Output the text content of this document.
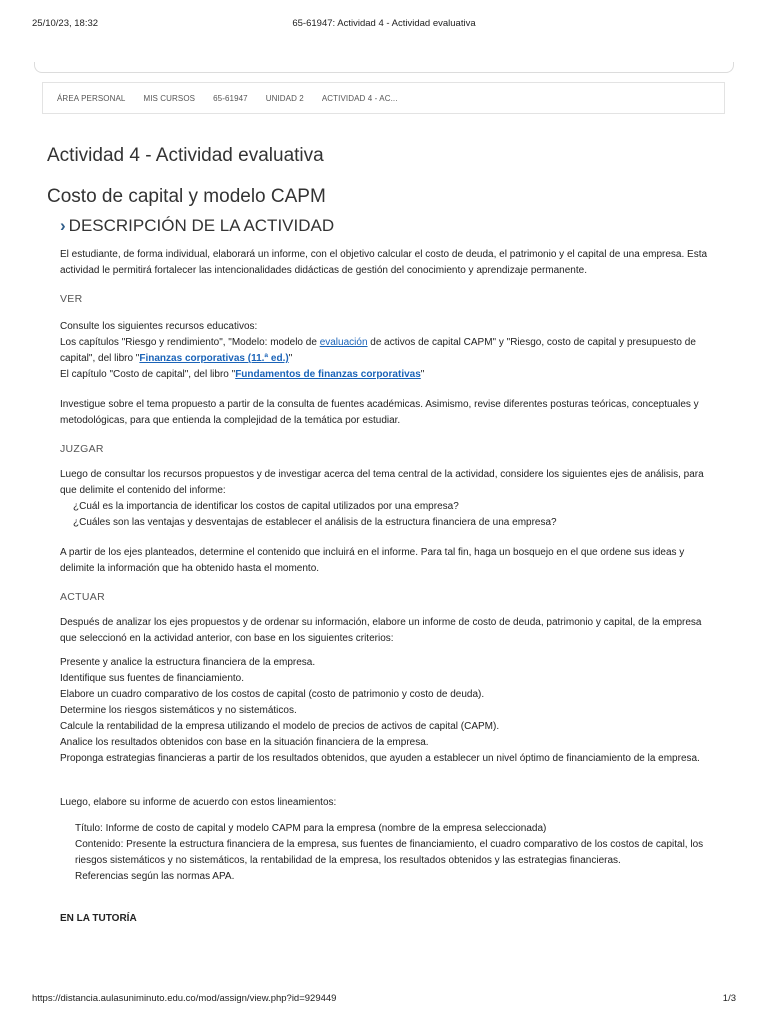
25/10/23, 18:32	65-61947: Actividad 4 - Actividad evaluativa
ÁREA PERSONAL MIS CURSOS 65-61947 UNIDAD 2 ACTIVIDAD 4 - AC...
Actividad 4 - Actividad evaluativa
Costo de capital y modelo CAPM
› DESCRIPCIÓN DE LA ACTIVIDAD

El estudiante, de forma individual, elaborará un informe, con el objetivo calcular el costo de deuda, el patrimonio y el capital de una empresa. Esta actividad le permitirá fortalecer las intencionalidades didácticas de gestión del conocimiento y aprendizaje permanente.

VER

Consulte los siguientes recursos educativos:

Los capítulos "Riesgo y rendimiento", "Modelo: modelo de evaluación de activos de capital CAPM" y "Riesgo, costo de capital y presupuesto de capital", del libro "Finanzas corporativas (11.ª ed.)"

El capítulo "Costo de capital", del libro "Fundamentos de finanzas corporativas"

Investigue sobre el tema propuesto a partir de la consulta de fuentes académicas. Asimismo, revise diferentes posturas teóricas, conceptuales y metodológicas, para que entienda la complejidad de la temática por estudiar.

JUZGAR

Luego de consultar los recursos propuestos y de investigar acerca del tema central de la actividad, considere los siguientes ejes de análisis, para que delimite el contenido del informe:

¿Cuál es la importancia de identificar los costos de capital utilizados por una empresa?

¿Cuáles son las ventajas y desventajas de establecer el análisis de la estructura financiera de una empresa?

A partir de los ejes planteados, determine el contenido que incluirá en el informe. Para tal fin, haga un bosquejo en el que ordene sus ideas y delimite la información que ha obtenido hasta el momento.

ACTUAR

Después de analizar los ejes propuestos y de ordenar su información, elabore un informe de costo de deuda, patrimonio y capital, de la empresa que seleccionó en la actividad anterior, con base en los siguientes criterios:

Presente y analice la estructura financiera de la empresa.

Identifique sus fuentes de financiamiento.

Elabore un cuadro comparativo de los costos de capital (costo de patrimonio y costo de deuda).

Determine los riesgos sistemáticos y no sistemáticos.

Calcule la rentabilidad de la empresa utilizando el modelo de precios de activos de capital (CAPM).

Analice los resultados obtenidos con base en la situación financiera de la empresa.

Proponga estrategias financieras a partir de los resultados obtenidos, que ayuden a establecer un nivel óptimo de financiamiento de la empresa.

Luego, elabore su informe de acuerdo con estos lineamientos:

Título: Informe de costo de capital y modelo CAPM para la empresa (nombre de la empresa seleccionada)

Contenido: Presente la estructura financiera de la empresa, sus fuentes de financiamiento, el cuadro comparativo de los costos de capital, los riesgos sistemáticos y no sistemáticos, la rentabilidad de la empresa, los resultados obtenidos y las estrategias financieras.

Referencias según las normas APA.

EN LA TUTORÍA

https://distancia.aulasuniminuto.edu.co/mod/assign/view.php?id=929449	1/3
